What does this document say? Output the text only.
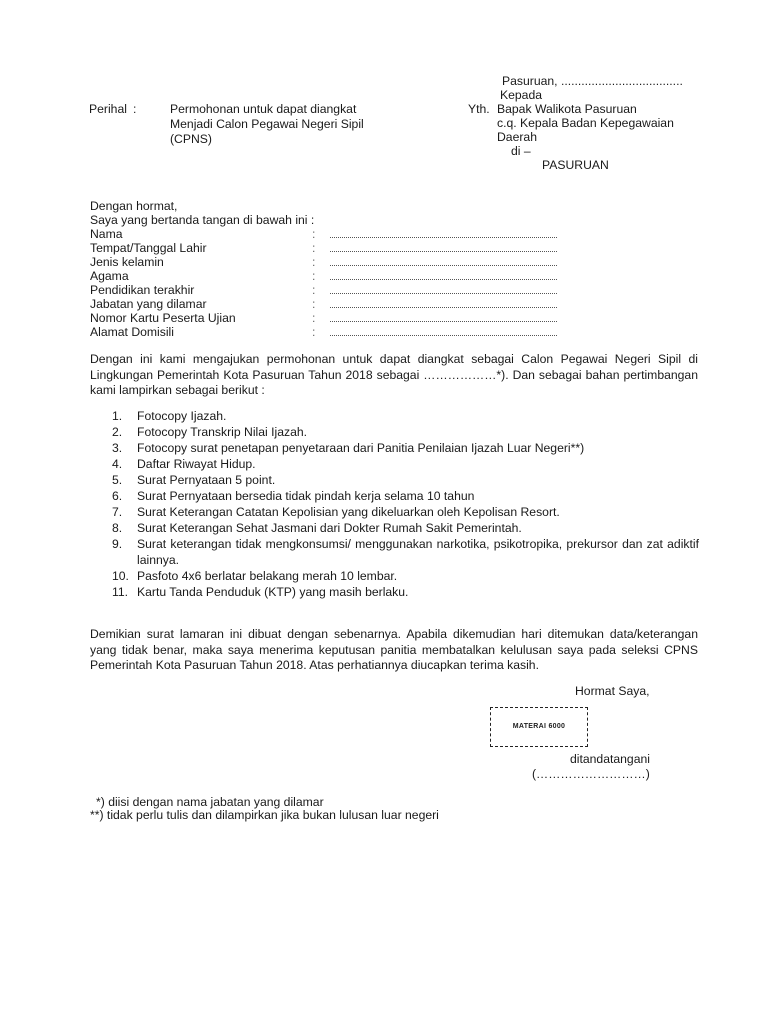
Pasuruan, ....................................
Kepada
Yth. Bapak Walikota Pasuruan
c.q. Kepala Badan Kepegawaian
Daerah
di –
PASURUAN
Perihal :	Permohonan untuk dapat diangkat
Menjadi Calon Pegawai Negeri Sipil
(CPNS)
Dengan hormat,
Saya yang bertanda tangan di bawah ini :
Nama	:
Tempat/Tanggal Lahir	:
Jenis kelamin	:
Agama	:
Pendidikan terakhir	:
Jabatan yang dilamar	:
Nomor Kartu Peserta Ujian	:
Alamat Domisili	:
Dengan ini kami mengajukan permohonan untuk dapat diangkat sebagai Calon Pegawai Negeri Sipil di Lingkungan Pemerintah Kota Pasuruan Tahun 2018 sebagai ………………*). Dan sebagai bahan pertimbangan kami lampirkan sebagai berikut :
1. Fotocopy Ijazah.
2. Fotocopy Transkrip Nilai Ijazah.
3. Fotocopy surat penetapan penyetaraan dari Panitia Penilaian Ijazah Luar Negeri**)
4. Daftar Riwayat Hidup.
5. Surat Pernyataan 5 point.
6. Surat Pernyataan bersedia tidak pindah kerja selama 10 tahun
7. Surat Keterangan Catatan Kepolisian yang dikeluarkan oleh Kepolisan Resort.
8. Surat Keterangan Sehat Jasmani dari Dokter Rumah Sakit Pemerintah.
9. Surat keterangan tidak mengkonsumsi/ menggunakan narkotika, psikotropika, prekursor dan zat adiktif lainnya.
10. Pasfoto 4x6 berlatar belakang merah 10 lembar.
11. Kartu Tanda Penduduk (KTP) yang masih berlaku.
Demikian surat lamaran ini dibuat dengan sebenarnya. Apabila dikemudian hari ditemukan data/keterangan yang tidak benar, maka saya menerima keputusan panitia membatalkan kelulusan saya pada seleksi CPNS Pemerintah Kota Pasuruan Tahun 2018. Atas perhatiannya diucapkan terima kasih.
Hormat Saya,
MATERAI 6000
ditandatangani
(………………………)
*) diisi dengan nama jabatan yang dilamar
**) tidak perlu tulis dan dilampirkan jika bukan lulusan luar negeri
